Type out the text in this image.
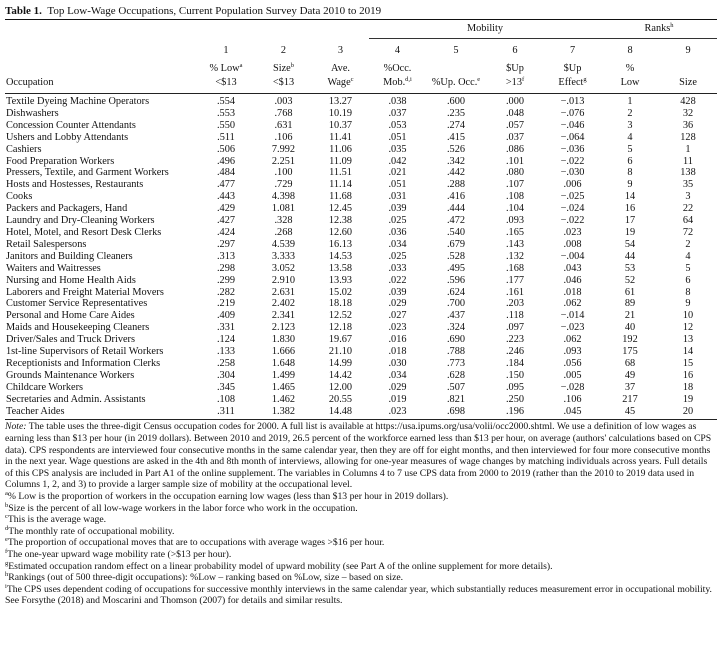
Table 1. Top Low-Wage Occupations, Current Population Survey Data 2010 to 2019
				Mobility				Ranks$^h$
	1	2	3	4	5	6	7	8	9
	% Low$^a$	Size$^b$	Ave.	%Occ.		$Up	$Up	%	
Occupation	<$13	<$13	Wage$^c$	Mob.$^{d,i}$	%Up. Occ.$^e$	$>13^f$	Effect$^g$	Low	Size
Textile Dyeing Machine Operators	.554	.003	13.27	.038	.600	.000	−.013	1	428
Dishwashers	.553	.768	10.19	.037	.235	.048	−.076	2	32
Concession Counter Attendants	.550	.631	10.37	.053	.274	.057	−.046	3	36
Ushers and Lobby Attendants	.511	.106	11.41	.051	.415	.037	−.064	4	128
Cashiers	.506	7.992	11.06	.035	.526	.086	−.036	5	1
Food Preparation Workers	.496	2.251	11.09	.042	.342	.101	−.022	6	11
Pressers, Textile, and Garment Workers	.484	.100	11.51	.021	.442	.080	−.030	8	138
Hosts and Hostesses, Restaurants	.477	.729	11.14	.051	.288	.107	.006	9	35
Cooks	.443	4.398	11.68	.031	.416	.108	−.025	14	3
Packers and Packagers, Hand	.429	1.081	12.45	.039	.444	.104	−.024	16	22
Laundry and Dry-Cleaning Workers	.427	.328	12.38	.025	.472	.093	−.022	17	64
Hotel, Motel, and Resort Desk Clerks	.424	.268	12.60	.036	.540	.165	.023	19	72
Retail Salespersons	.297	4.539	16.13	.034	.679	.143	.008	54	2
Janitors and Building Cleaners	.313	3.333	14.53	.025	.528	.132	−.004	44	4
Waiters and Waitresses	.298	3.052	13.58	.033	.495	.168	.043	53	5
Nursing and Home Health Aids	.299	2.910	13.93	.022	.596	.177	.046	52	6
Laborers and Freight Material Movers	.282	2.631	15.02	.039	.624	.161	.018	61	8
Customer Service Representatives	.219	2.402	18.18	.029	.700	.203	.062	89	9
Personal and Home Care Aides	.409	2.341	12.52	.027	.437	.118	−.014	21	10
Maids and Housekeeping Cleaners	.331	2.123	12.18	.023	.324	.097	−.023	40	12
Driver/Sales and Truck Drivers	.124	1.830	19.67	.016	.690	.223	.062	192	13
1st-line Supervisors of Retail Workers	.133	1.666	21.10	.018	.788	.246	.093	175	14
Receptionists and Information Clerks	.258	1.648	14.99	.030	.773	.184	.056	68	15
Grounds Maintenance Workers	.304	1.499	14.42	.034	.628	.150	.005	49	16
Childcare Workers	.345	1.465	12.00	.029	.507	.095	−.028	37	18
Secretaries and Admin. Assistants	.108	1.462	20.55	.019	.821	.250	.106	217	19
Teacher Aides	.311	1.382	14.48	.023	.698	.196	.045	45	20

Note: The table uses the three-digit Census occupation codes for 2000. A full list is available at https://usa.ipums.org/usa/volii/occ2000.shtml. We use a definition of low wages as earning less than $13 per hour (in 2019 dollars). Between 2010 and 2019, 26.5 percent of the workforce earned less than $13 per hour, on average (authors' calculations based on CPS data). CPS respondents are interviewed four consecutive months in the same calendar year, then they are off for eight months, and then interviewed for four more consecutive months in the next year. Wage questions are asked in the 4th and 8th month of interviews, allowing for one-year measures of wage changes by matching individuals across years. Full details of this CPS analysis are included in Part A1 of the online supplement. The variables in Columns 4 to 7 use CPS data from 2000 to 2019 (rather than the 2010 to 2019 data used in Columns 1, 2, and 3) to provide a larger sample size of mobility at the occupational level.

$^a$% Low is the proportion of workers in the occupation earning low wages (less than $13 per hour in 2019 dollars).

$^b$Size is the percent of all low-wage workers in the labor force who work in the occupation.

$^c$This is the average wage.

$^d$The monthly rate of occupational mobility.

$^e$The proportion of occupational moves that are to occupations with average wages >$16 per hour.

$^f$The one-year upward wage mobility rate (>$13 per hour).

$^g$Estimated occupation random effect on a linear probability model of upward mobility (see Part A of the online supplement for more details).

$^h$Rankings (out of 500 three-digit occupations): %Low – ranking based on %Low, size – based on size.

$^i$The CPS uses dependent coding of occupations for successive monthly interviews in the same calendar year, which substantially reduces measurement error in occupational mobility. See Forsythe (2018) and Moscarini and Thomson (2007) for details and similar results.
